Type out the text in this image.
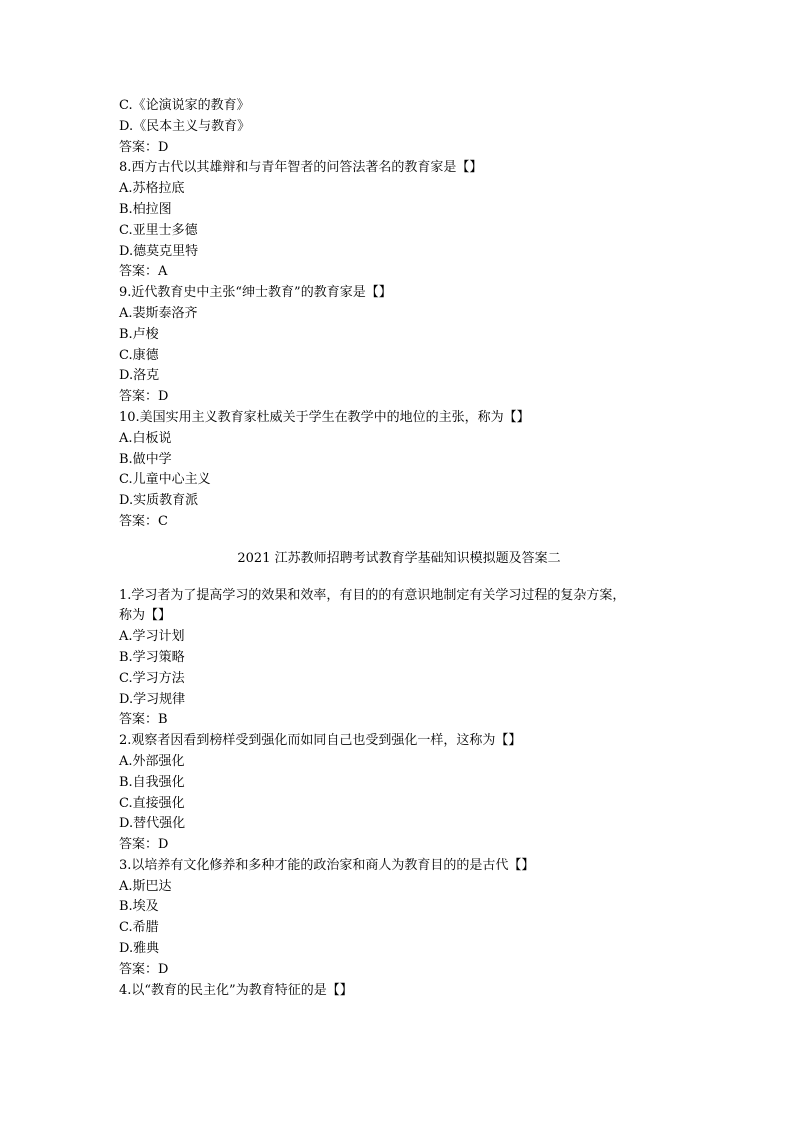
C.《论演说家的教育》
D.《民本主义与教育》
答案：D
8.西方古代以其雄辩和与青年智者的问答法著名的教育家是【】
A.苏格拉底
B.柏拉图
C.亚里士多德
D.德莫克里特
答案：A
9.近代教育史中主张“绅士教育”的教育家是【】
A.裴斯泰洛齐
B.卢梭
C.康德
D.洛克
答案：D
10.美国实用主义教育家杜威关于学生在教学中的地位的主张，称为【】
A.白板说
B.做中学
C.儿童中心主义
D.实质教育派
答案：C
2021 江苏教师招聘考试教育学基础知识模拟题及答案二
1.学习者为了提高学习的效果和效率，有目的的有意识地制定有关学习过程的复杂方案，
称为【】
A.学习计划
B.学习策略
C.学习方法
D.学习规律
答案：B
2.观察者因看到榜样受到强化而如同自己也受到强化一样，这称为【】
A.外部强化
B.自我强化
C.直接强化
D.替代强化
答案：D
3.以培养有文化修养和多种才能的政治家和商人为教育目的的是古代【】
A.斯巴达
B.埃及
C.希腊
D.雅典
答案：D
4.以“教育的民主化”为教育特征的是【】
